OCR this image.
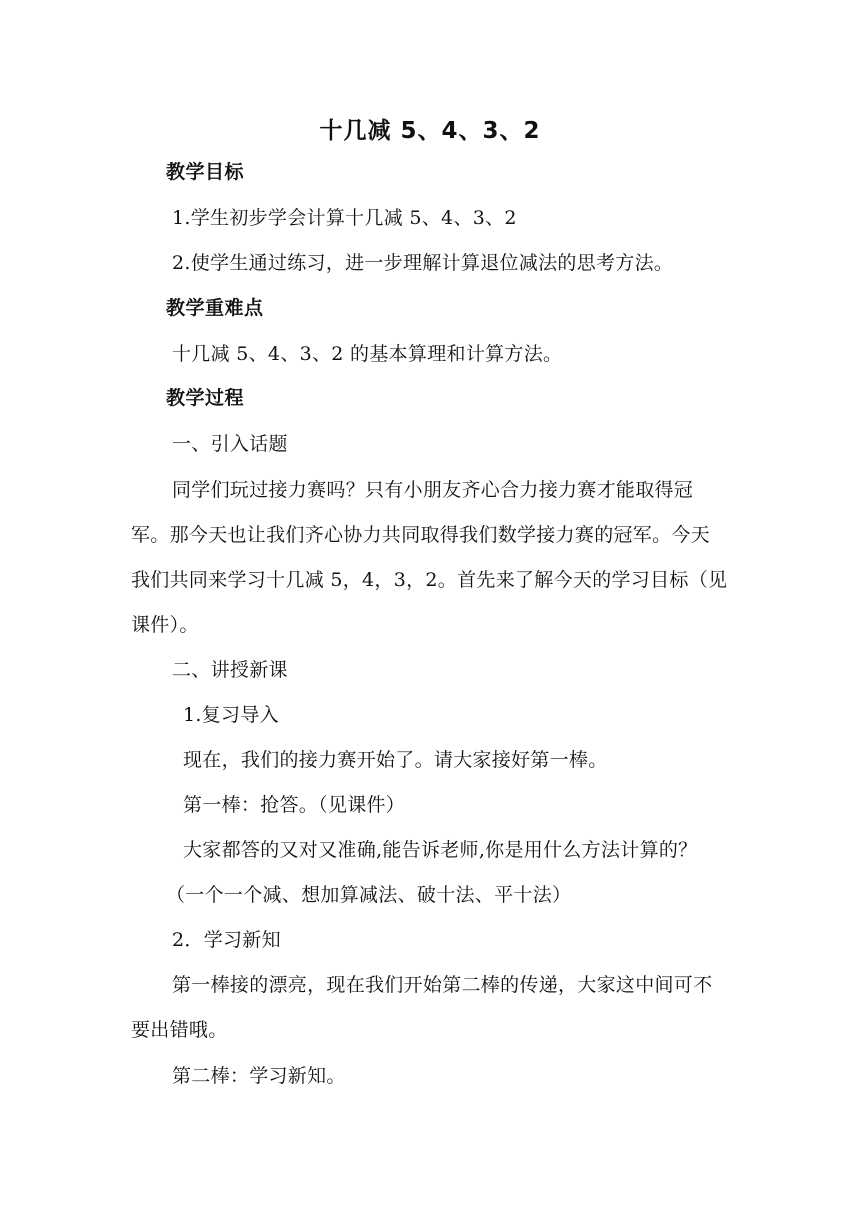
十几减 5、4、3、2
教学目标
1.学生初步学会计算十几减 5、4、3、2
2.使学生通过练习，进一步理解计算退位减法的思考方法。
教学重难点
十几减 5、4、3、2 的基本算理和计算方法。
教学过程
一、引入话题
同学们玩过接力赛吗？只有小朋友齐心合力接力赛才能取得冠
军。那今天也让我们齐心协力共同取得我们数学接力赛的冠军。今天
我们共同来学习十几减 5，4，3，2。首先来了解今天的学习目标（见
课件）。
二、讲授新课
1.复习导入
现在，我们的接力赛开始了。请大家接好第一棒。
第一棒：抢答。（见课件）
大家都答的又对又准确,能告诉老师,你是用什么方法计算的？
（一个一个减、想加算减法、破十法、平十法）
2．学习新知
第一棒接的漂亮，现在我们开始第二棒的传递，大家这中间可不
要出错哦。
第二棒：学习新知。
